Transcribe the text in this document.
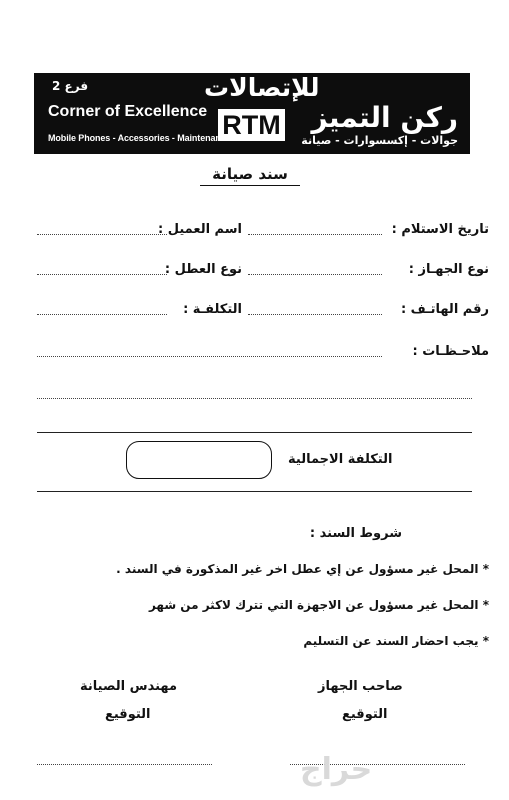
فرع 2	للإتصالات
Corner of Excellence	ركن التميز
RTM
Mobile Phones - Accessories - Maintenance	جوالات - إكسسوارات - صيانة
سند صيانة
تاريخ الاستلام :
اسم العميل :
نوع الجهـاز :
نوع العطل :
رقم الهاتـف :
التكلفـة :
ملاحـظـات :
التكلفة الاجمالية
شروط السند :
* المحل غير مسؤول عن إي عطل اخر غير المذكورة في السند .
* المحل غير مسؤول عن الاجهزة التي تترك لاكثر من شهر
* يجب احضار السند عن التسليم
صاحب الجهاز
مهندس الصيانة
التوقيع
التوقيع
حراج
